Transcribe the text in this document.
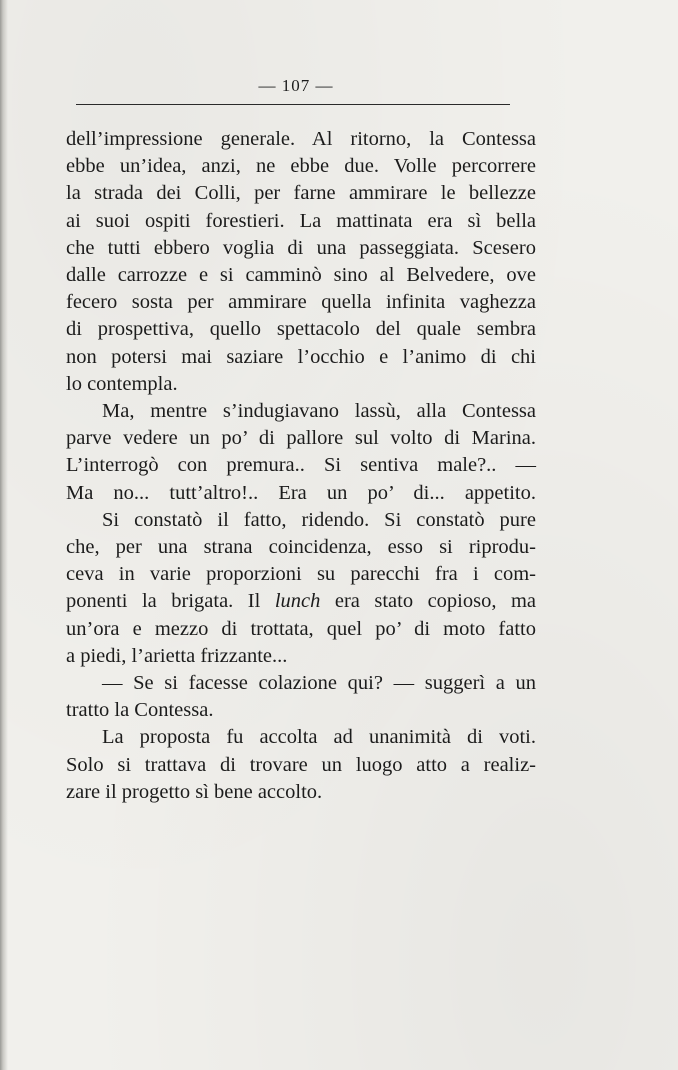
— 107 —
dell’impressione generale. Al ritorno, la Contessa
ebbe un’idea, anzi, ne ebbe due. Volle percorrere
la strada dei Colli, per farne ammirare le bellezze
ai suoi ospiti forestieri. La mattinata era sì bella
che tutti ebbero voglia di una passeggiata. Scesero
dalle carrozze e si camminò sino al Belvedere, ove
fecero sosta per ammirare quella infinita vaghezza
di prospettiva, quello spettacolo del quale sembra
non potersi mai saziare l’occhio e l’animo di chi
lo contempla.
Ma, mentre s’indugiavano lassù, alla Contessa
parve vedere un po’ di pallore sul volto di Marina.
L’interrogò con premura.. Si sentiva male?.. —
Ma no... tutt’altro!.. Era un po’ di... appetito.
Si constatò il fatto, ridendo. Si constatò pure
che, per una strana coincidenza, esso si riprodu-
ceva in varie proporzioni su parecchi fra i com-
ponenti la brigata. Il lunch era stato copioso, ma
un’ora e mezzo di trottata, quel po’ di moto fatto
a piedi, l’arietta frizzante...
— Se si facesse colazione qui? — suggerì a un
tratto la Contessa.
La proposta fu accolta ad unanimità di voti.
Solo si trattava di trovare un luogo atto a realiz-
zare il progetto sì bene accolto.
